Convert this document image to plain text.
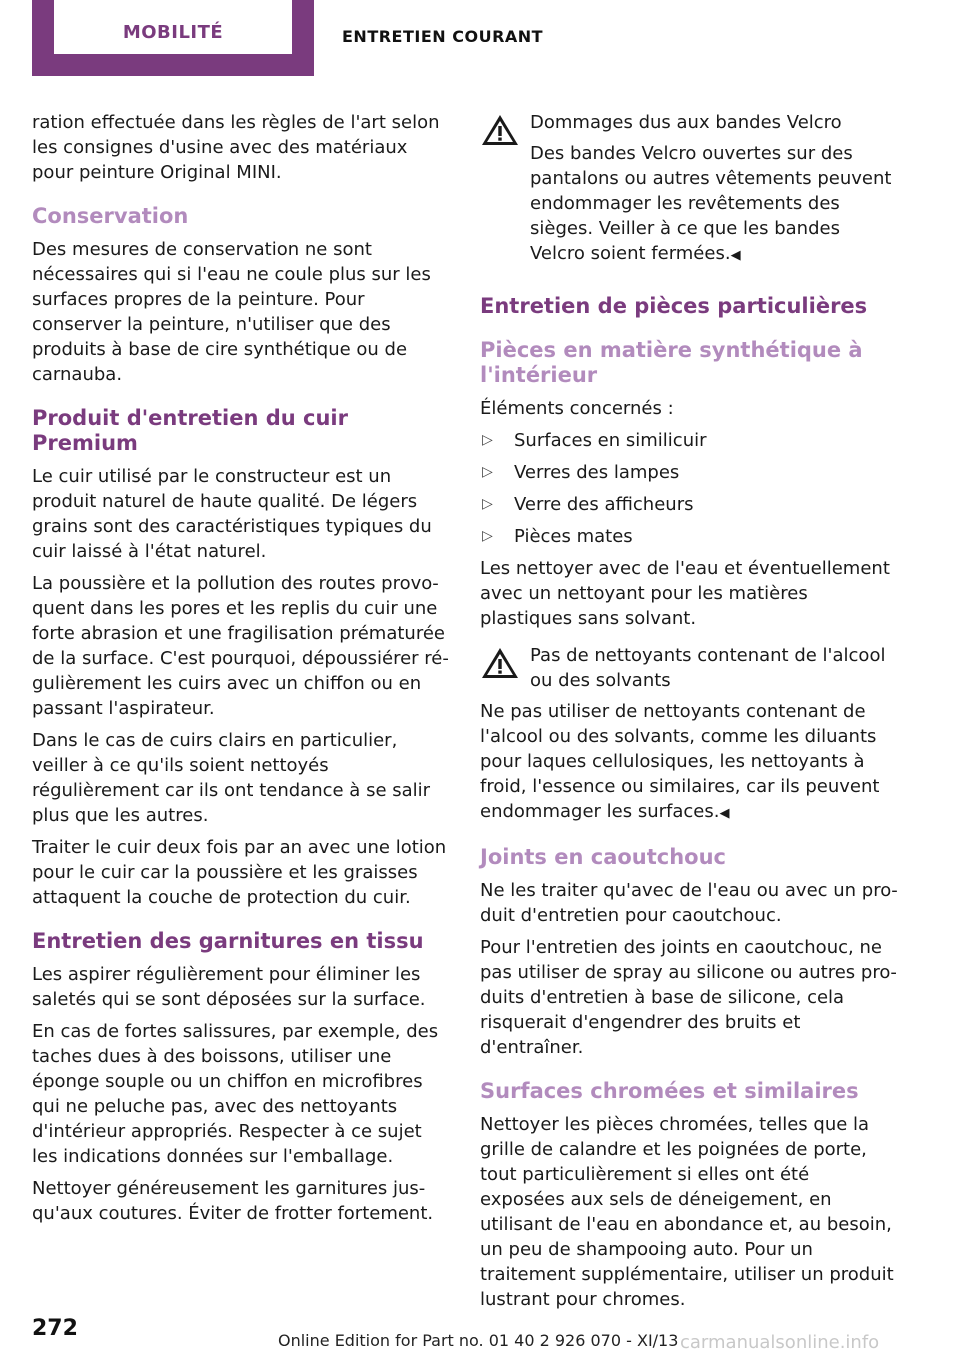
MOBILITÉ	ENTRETIEN COURANT

ration effectuée dans les règles de l'art selon les consignes d'usine avec des matériaux pour peinture Original MINI.

Conservation

Des mesures de conservation ne sont nécessaires qui si l'eau ne coule plus sur les surfaces propres de la peinture. Pour conserver la peinture, n'utiliser que des produits à base de cire synthétique ou de carnauba.

Produit d'entretien du cuir Premium

Le cuir utilisé par le constructeur est un produit naturel de haute qualité. De légers grains sont des caractéristiques typiques du cuir laissé à l'état naturel.

La poussière et la pollution des routes provoquent dans les pores et les replis du cuir une forte abrasion et une fragilisation prématurée de la surface. C'est pourquoi, dépoussiérer régulièrement les cuirs avec un chiffon ou en passant l'aspirateur.

Dans le cas de cuirs clairs en particulier, veiller à ce qu'ils soient nettoyés régulièrement car ils ont tendance à se salir plus que les autres.

Traiter le cuir deux fois par an avec une lotion pour le cuir car la poussière et les graisses attaquent la couche de protection du cuir.

Entretien des garnitures en tissu

Les aspirer régulièrement pour éliminer les saletés qui se sont déposées sur la surface.

En cas de fortes salissures, par exemple, des taches dues à des boissons, utiliser une éponge souple ou un chiffon en microfibres qui ne peluche pas, avec des nettoyants d'intérieur appropriés. Respecter à ce sujet les indications données sur l'emballage.

Nettoyer généreusement les garnitures jusqu'aux coutures. Éviter de frotter fortement.

Dommages dus aux bandes Velcro

Des bandes Velcro ouvertes sur des pantalons ou autres vêtements peuvent endommager les revêtements des sièges. Veiller à ce que les bandes Velcro soient fermées.◀

Entretien de pièces particulières
Pièces en matière synthétique à l'intérieur

Éléments concernés :

▷ Surfaces en similicuir
▷ Verres des lampes
▷ Verre des afficheurs
▷ Pièces mates

Les nettoyer avec de l'eau et éventuellement avec un nettoyant pour les matières plastiques sans solvant.

Pas de nettoyants contenant de l'alcool ou des solvants

Ne pas utiliser de nettoyants contenant de l'alcool ou des solvants, comme les diluants pour laques cellulosiques, les nettoyants à froid, l'essence ou similaires, car ils peuvent endommager les surfaces.◀

Joints en caoutchouc

Ne les traiter qu'avec de l'eau ou avec un produit d'entretien pour caoutchouc.

Pour l'entretien des joints en caoutchouc, ne pas utiliser de spray au silicone ou autres produits d'entretien à base de silicone, cela risquerait d'engendrer des bruits et d'entraîner.

Surfaces chromées et similaires

Nettoyer les pièces chromées, telles que la grille de calandre et les poignées de porte, tout particulièrement si elles ont été exposées aux sels de déneigement, en utilisant de l'eau en abondance et, au besoin, un peu de shampooing auto. Pour un traitement supplémentaire, utiliser un produit lustrant pour chromes.

272	Online Edition for Part no. 01 40 2 926 070 - XI/13 carmanualsonline.info
